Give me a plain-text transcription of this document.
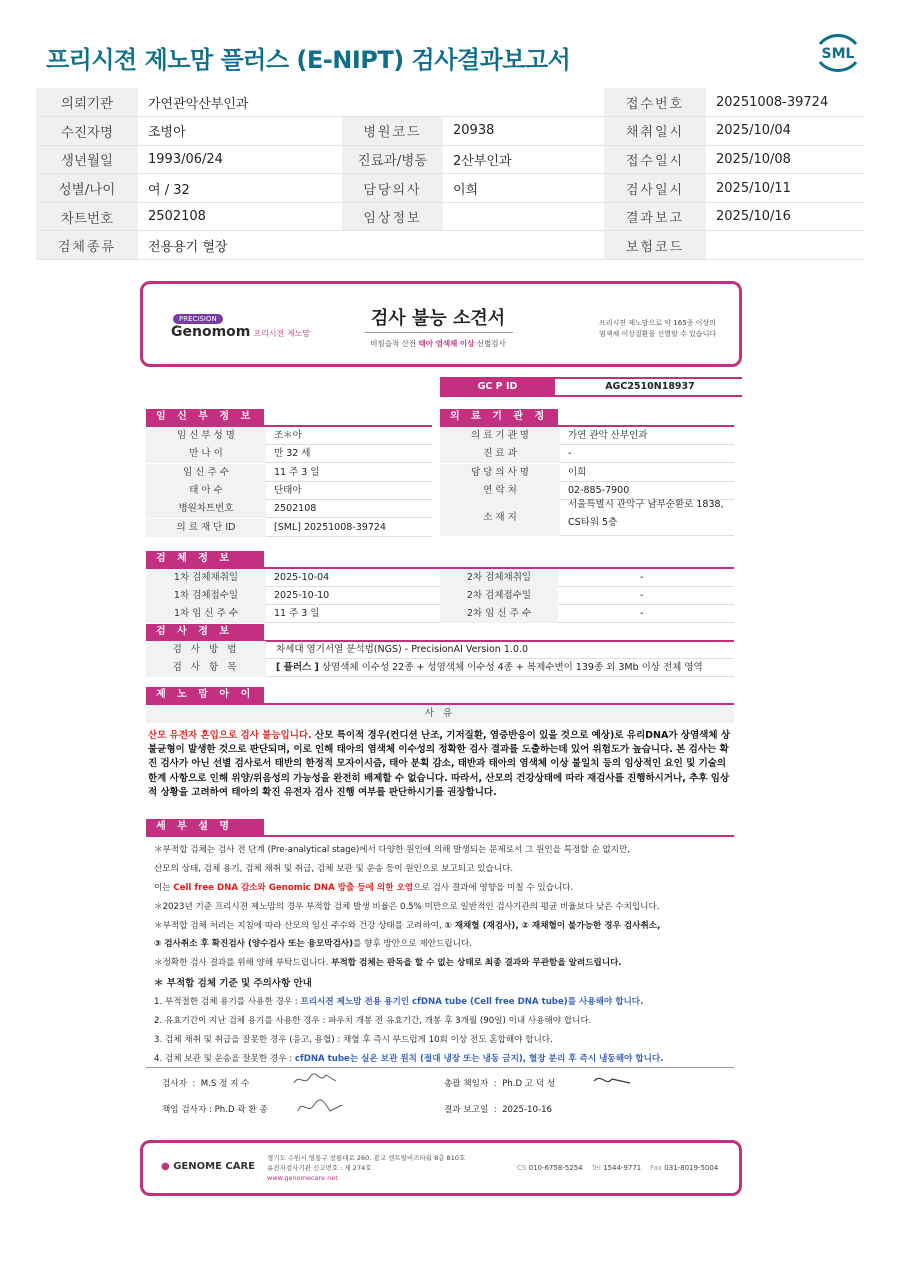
프리시젼 제노맘 플러스 (E-NIPT) 검사결과보고서	SML
의뢰기관	가연관악산부인과			접수번호	20251008-39724
수진자명	조병아	병원코드	20938	채취일시	2025/10/04
생년월일	1993/06/24	진료과/병동	2산부인과	접수일시	2025/10/08
성별/나이	여 / 32	담당의사	이희	검사일시	2025/10/11
차트번호	2502108	임상정보		결과보고	2025/10/16
검체종류	전용용기 혈장			보험코드	
PRECISION
Genomom 프리시젼 제노맘
검사 불능 소견서
비침습적 산전 태아 염색체 이상 선별검사
프리시젼 제노맘으로 약 165종 이상의
염색체 이상질환을 선별할 수 있습니다
GC P ID	AGC2510N18937
임 신 부 정 보	의 료 기 관 정
검 체 정 보
검 사 정 보
검 사 방 법	차세대 염기서열 분석법(NGS) - PrecisionAI Version 1.0.0
검 사 항 목	[ 플러스 ] 상염색체 이수성 22종 + 성염색체 이수성 4종 + 복제수변이 139종 외 3Mb 이상 전체 영역
제 노 맘 아 이
사 유
산모 유전자 혼입으로 검사 불능입니다. 산모 특이적 경우(컨디션 난조, 기저질환, 염증반응이 있을 것으로 예상)로 유리DNA가 상염색체 상 불균형이 발생한 것으로 판단되며, 이로 인해 태아의 염색체 이수성의 정확한 검사 결과를 도출하는데 있어 위험도가 높습니다. 본 검사는 확진 검사가 아닌 선별 검사로서 태반의 한정적 모자이시즘, 태아 분획 감소, 태반과 태아의 염색체 이상 불일치 등의 임상적인 요인 및 기술의 한계 사항으로 인해 위양/위음성의 가능성을 완전히 배제할 수 없습니다. 따라서, 산모의 건강상태에 따라 재검사를 진행하시거나, 추후 임상적 상황을 고려하여 태아의 확진 유전자 검사 진행 여부를 판단하시기를 권장합니다.
세 부 설 명
＊부적합 검체는 검사 전 단계 (Pre-analytical stage)에서 다양한 원인에 의해 발생되는 문제로서 그 원인을 특정할 순 없지만,
산모의 상태, 검체 용기, 검체 채취 및 취급, 검체 보관 및 운송 등이 원인으로 보고되고 있습니다.
이는 Cell free DNA 감소와 Genomic DNA 방출 등에 의한 오염으로 검사 결과에 영향을 미칠 수 있습니다.
＊2023년 기준 프리시젼 제노맘의 경우 부적합 검체 발생 비율은 0.5% 미만으로 일반적인 검사기관의 평균 비율보다 낮은 수치입니다.
＊부적합 검체 처리는 지침에 따라 산모의 임신 주수와 건강 상태를 고려하여, ① 재채혈 (재검사), ② 재채혈이 불가능한 경우 검사취소,
③ 검사취소 후 확진검사 (양수검사 또는 융모막검사)를 향후 방안으로 제안드립니다.
＊정확한 검사 결과를 위해 양해 부탁드립니다. 부적합 검체는 판독을 할 수 없는 상태로 최종 결과와 무관함을 알려드립니다.
＊ 부적합 검체 기준 및 주의사항 안내
1. 부적절한 검체 용기를 사용한 경우 : 프리시젼 제노맘 전용 용기인 cfDNA tube (Cell free DNA tube)를 사용해야 합니다.
2. 유효기간이 지난 검체 용기를 사용한 경우 : 파우치 개봉 전 유효기간, 개봉 후 3개월 (90일) 이내 사용해야 합니다.
3. 검체 채취 및 취급을 잘못한 경우 (응고, 용혈) : 채혈 후 즉시 부드럽게 10회 이상 전도 혼합해야 합니다.
4. 검체 보관 및 운송을 잘못한 경우 : cfDNA tube는 실온 보관 원칙 (절대 냉장 또는 냉동 금지), 혈장 분리 후 즉시 냉동해야 합니다.
검사자  :  M.S 정 지 수	총괄 책임자  :  Ph.D 고 덕 성
책임 검사자 : Ph.D 곽 환 종	결과 보고일  :  2025-10-16
● GENOME CARE
경기도 수원시 영통구 창룡대로 260, 광교 센트럴비즈타워 8층 810호
유전자검사기관 신고번호 : 제 274호
www.genomecare.net
CS 010-6758-5254 Tel 1544-9771 Fax 031-8019-5004
임 신 부 성 명	조＊아
만 나 이	만 32 세
임 신 주 수	11 주 3 일
태 아 수	단태아
병원차트번호	2502108
의 료 재 단 ID	[SML] 20251008-39724
의 료 기 관 명	가연 관악 산부인과
진 료 과	-
담 당 의 사 명	이희
연 락 처	02-885-7900
소 재 지
서울특별시 관악구 남부순환로 1838,
CS타워 5층
1차 검체채취일	2025-10-04	2차 검체채취일	-
1차 검체접수일	2025-10-10	2차 검체접수일	-
1차 임 신 주 수	11 주 3 일	2차 임 신 주 수	-
